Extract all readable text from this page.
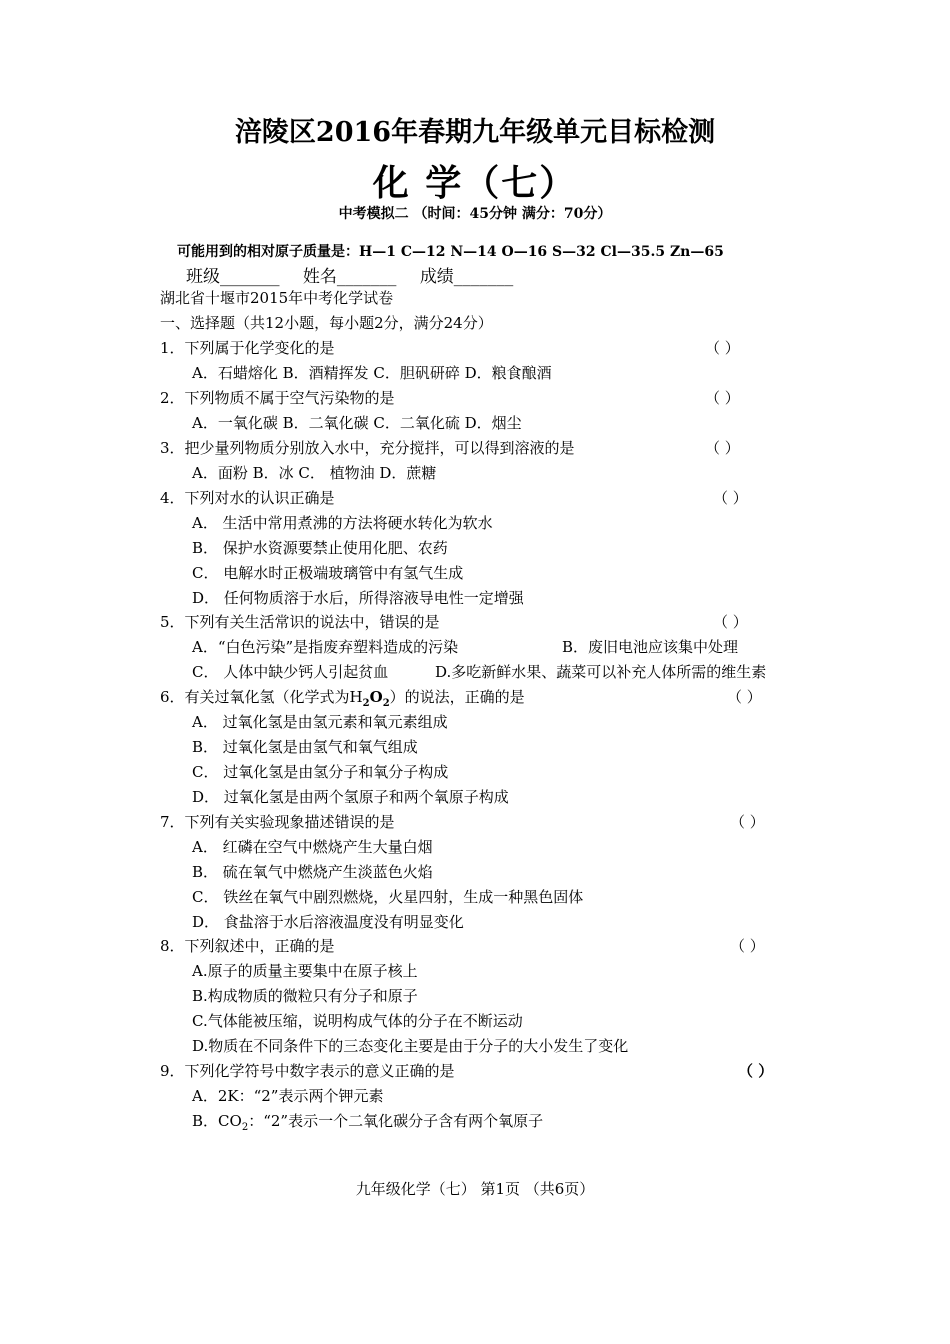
涪陵区2016年春期九年级单元目标检测
化 学（七）
中考模拟二 （时间：45分钟 满分：70分）
可能用到的相对原子质量是：H—1 C—12 N—14 O—16 S—32 Cl—35.5 Zn—65
班级_______ 姓名_______ 成绩_______
湖北省十堰市2015年中考化学试卷
一、选择题（共12小题，每小题2分，满分24分）
1．下列属于化学变化的是	（ ）
A．石蜡熔化 B．酒精挥发 C．胆矾研碎 D．粮食酿酒
2．下列物质不属于空气污染物的是	（ ）
A．一氧化碳 B．二氧化碳 C．二氧化硫 D．烟尘
3．把少量列物质分别放入水中，充分搅拌，可以得到溶液的是	（ ）
A．面粉 B．冰 C． 植物油 D．蔗糖
4．下列对水的认识正确是	（ ）
A． 生活中常用煮沸的方法将硬水转化为软水
B． 保护水资源要禁止使用化肥、农药
C． 电解水时正极端玻璃管中有氢气生成
D． 任何物质溶于水后，所得溶液导电性一定增强
5．下列有关生活常识的说法中，错误的是	（ ）
A．“白色污染”是指废弃塑料造成的污染	B．废旧电池应该集中处理
C． 人体中缺少钙人引起贫血	D.多吃新鲜水果、蔬菜可以补充人体所需的维生素
6．有关过氧化氢（化学式为$H_2O_2$）的说法，正确的是	（ ）
A． 过氧化氢是由氢元素和氧元素组成
B． 过氧化氢是由氢气和氧气组成
C． 过氧化氢是由氢分子和氧分子构成
D． 过氧化氢是由两个氢原子和两个氧原子构成
7．下列有关实验现象描述错误的是	（ ）
A． 红磷在空气中燃烧产生大量白烟
B． 硫在氧气中燃烧产生淡蓝色火焰
C． 铁丝在氧气中剧烈燃烧，火星四射，生成一种黑色固体
D． 食盐溶于水后溶液温度没有明显变化
8．下列叙述中，正确的是	（ ）
A.原子的质量主要集中在原子核上
B.构成物质的微粒只有分子和原子
C.气体能被压缩，说明构成气体的分子在不断运动
D.物质在不同条件下的三态变化主要是由于分子的大小发生了变化
9．下列化学符号中数字表示的意义正确的是	（ ）
A．2K：“2”表示两个钾元素
B．$CO_2$：“2”表示一个二氧化碳分子含有两个氧原子
九年级化学（七） 第1页 （共6页）
